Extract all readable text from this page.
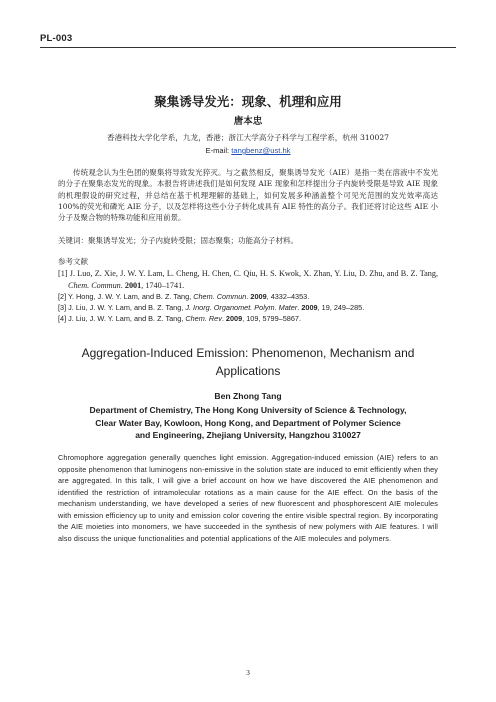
PL-003
聚集诱导发光：现象、机理和应用
唐本忠
香港科技大学化学系，九龙，香港；浙江大学高分子科学与工程学系，杭州 310027
E-mail: tangbenz@ust.hk
传统观念认为生色团的聚集将导致发光猝灭。与之截然相反，聚集诱导发光（AIE）是指一类在溶液中不发光的分子在聚集态发光的现象。本报告将讲述我们是如何发现 AIE 现象和怎样提出分子内旋转受限是导致 AIE 现象的机理假设的研究过程，并总结在基于机理理解的基础上，如何发展多种涵盖整个可见光范围的发光效率高达 100%的荧光和磷光 AIE 分子，以及怎样将这些小分子转化成具有 AIE 特性的高分子。我们还将讨论这些 AIE 小分子及聚合物的特殊功能和应用前景。
关键词：聚集诱导发光；分子内旋转受限；固态聚集；功能高分子材料。
参考文献
[1] J. Luo, Z. Xie, J. W. Y. Lam, L. Cheng, H. Chen, C. Qiu, H. S. Kwok, X. Zhan, Y. Liu, D. Zhu, and B. Z. Tang, Chem. Commun. 2001, 1740–1741.
[2] Y. Hong, J. W. Y. Lam, and B. Z. Tang, Chem. Commun. 2009, 4332–4353.
[3] J. Liu, J. W. Y. Lam, and B. Z. Tang, J. Inorg. Organomet. Polym. Mater. 2009, 19, 249–285.
[4] J. Liu, J. W. Y. Lam, and B. Z. Tang, Chem. Rev. 2009, 109, 5799–5867.
Aggregation-Induced Emission: Phenomenon, Mechanism and
Applications
Ben Zhong Tang
Department of Chemistry, The Hong Kong University of Science & Technology,
Clear Water Bay, Kowloon, Hong Kong, and Department of Polymer Science
and Engineering, Zhejiang University, Hangzhou 310027
Chromophore aggregation generally quenches light emission. Aggregation-induced emission (AIE) refers to an opposite phenomenon that luminogens non-emissive in the solution state are induced to emit efficiently when they are aggregated. In this talk, I will give a brief account on how we have discovered the AIE phenomenon and identified the restriction of intramolecular rotations as a main cause for the AIE effect. On the basis of the mechanism understanding, we have developed a series of new fluorescent and phosphorescent AIE molecules with emission efficiency up to unity and emission color covering the entire visible spectral region. By incorporating the AIE moieties into monomers, we have succeeded in the synthesis of new polymers with AIE features. I will also discuss the unique functionalities and potential applications of the AIE molecules and polymers.
3
